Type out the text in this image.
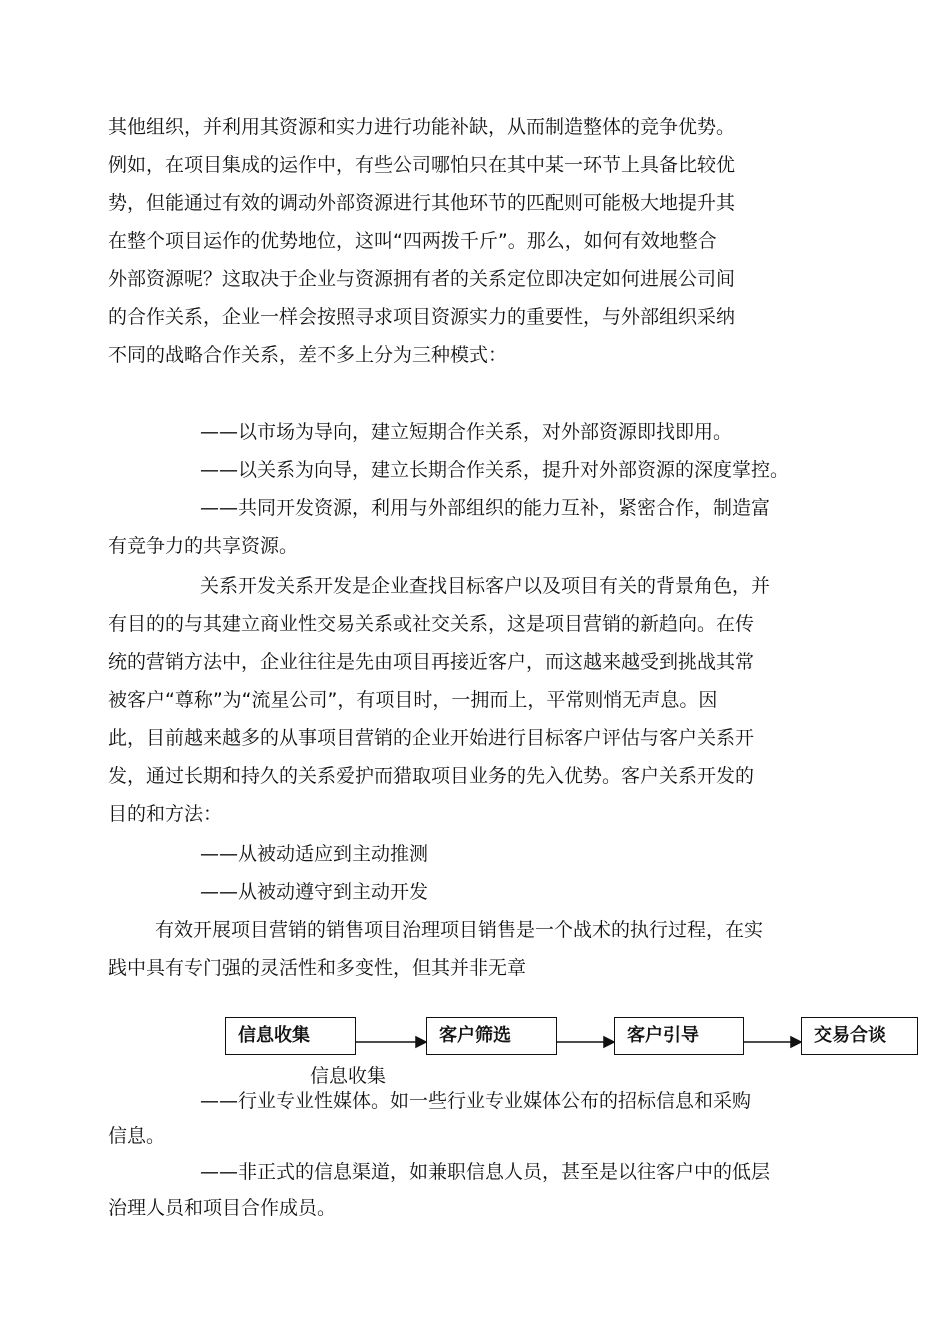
其他组织，并利用其资源和实力进行功能补缺，从而制造整体的竞争优势。
例如，在项目集成的运作中，有些公司哪怕只在其中某一环节上具备比较优
势，但能通过有效的调动外部资源进行其他环节的匹配则可能极大地提升其
在整个项目运作的优势地位，这叫“四两拨千斤”。那么，如何有效地整合
外部资源呢？这取决于企业与资源拥有者的关系定位即决定如何进展公司间
的合作关系，企业一样会按照寻求项目资源实力的重要性，与外部组织采纳
不同的战略合作关系，差不多上分为三种模式：
——以市场为导向，建立短期合作关系，对外部资源即找即用。
——以关系为向导，建立长期合作关系，提升对外部资源的深度掌控。
——共同开发资源，利用与外部组织的能力互补，紧密合作，制造富
有竞争力的共享资源。
关系开发关系开发是企业查找目标客户以及项目有关的背景角色，并
有目的的与其建立商业性交易关系或社交关系，这是项目营销的新趋向。在传
统的营销方法中，企业往往是先由项目再接近客户，而这越来越受到挑战其常
被客户“尊称”为“流星公司”，有项目时，一拥而上，平常则悄无声息。因
此，目前越来越多的从事项目营销的企业开始进行目标客户评估与客户关系开
发，通过长期和持久的关系爱护而猎取项目业务的先入优势。客户关系开发的
目的和方法：
——从被动适应到主动推测
——从被动遵守到主动开发
有效开展项目营销的销售项目治理项目销售是一个战术的执行过程，在实
践中具有专门强的灵活性和多变性，但其并非无章
信息收集	客户筛选	客户引导	交易合谈
信息收集
——行业专业性媒体。如一些行业专业媒体公布的招标信息和采购
信息。
——非正式的信息渠道，如兼职信息人员，甚至是以往客户中的低层
治理人员和项目合作成员。
